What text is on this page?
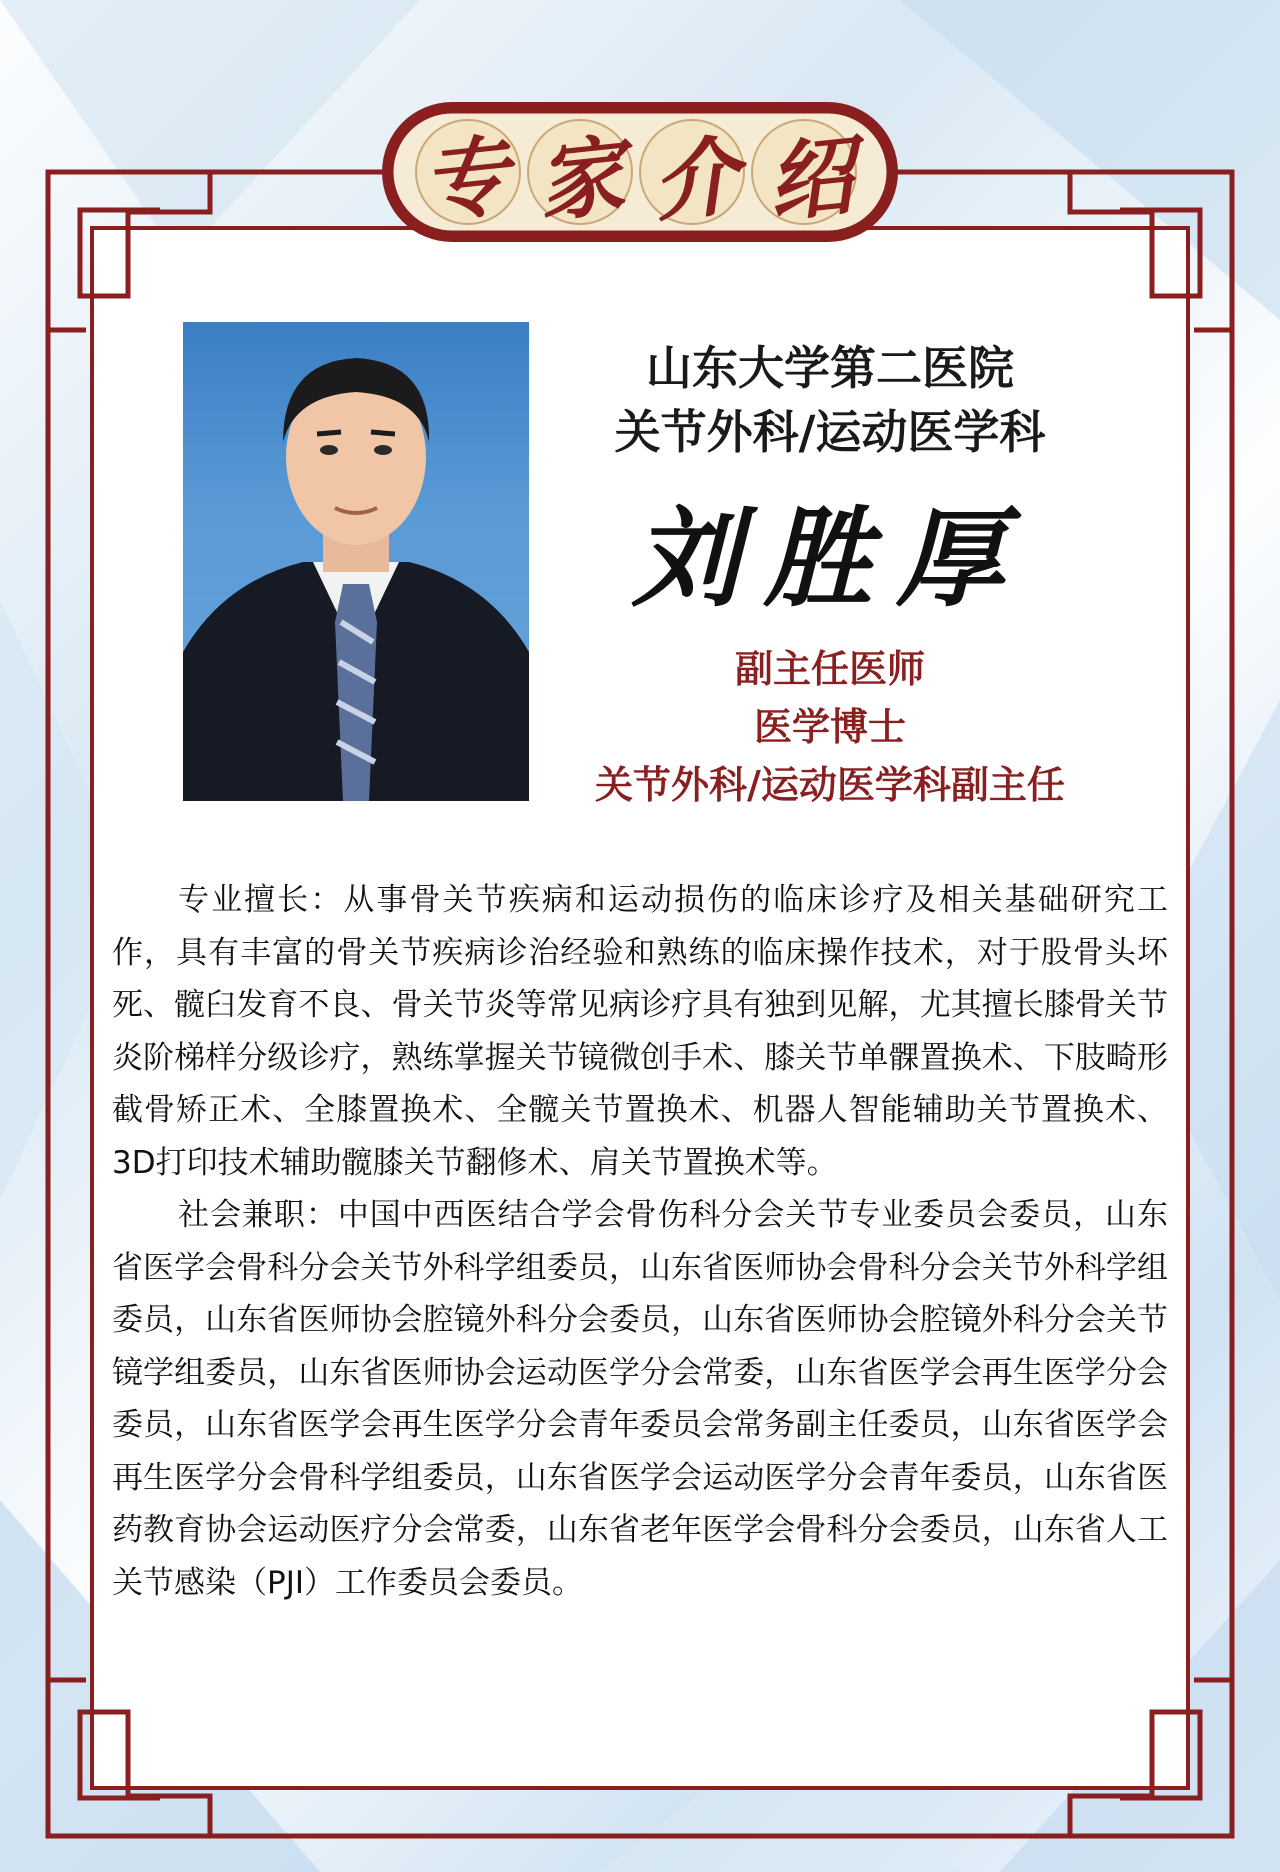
专 家 介 绍
山东大学第二医院
关节外科/运动医学科
刘胜厚
副主任医师
医学博士
关节外科/运动医学科副主任

专业擅长：从事骨关节疾病和运动损伤的临床诊疗及相关基础研究工作，具有丰富的骨关节疾病诊治经验和熟练的临床操作技术，对于股骨头坏死、髋臼发育不良、骨关节炎等常见病诊疗具有独到见解，尤其擅长膝骨关节炎阶梯样分级诊疗，熟练掌握关节镜微创手术、膝关节单髁置换术、下肢畸形截骨矫正术、全膝置换术、全髋关节置换术、机器人智能辅助关节置换术、3D打印技术辅助髋膝关节翻修术、肩关节置换术等。

社会兼职：中国中西医结合学会骨伤科分会关节专业委员会委员，山东省医学会骨科分会关节外科学组委员，山东省医师协会骨科分会关节外科学组委员，山东省医师协会腔镜外科分会委员，山东省医师协会腔镜外科分会关节镜学组委员，山东省医师协会运动医学分会常委，山东省医学会再生医学分会委员，山东省医学会再生医学分会青年委员会常务副主任委员，山东省医学会再生医学分会骨科学组委员，山东省医学会运动医学分会青年委员，山东省医药教育协会运动医疗分会常委，山东省老年医学会骨科分会委员，山东省人工关节感染（PJI）工作委员会委员。
